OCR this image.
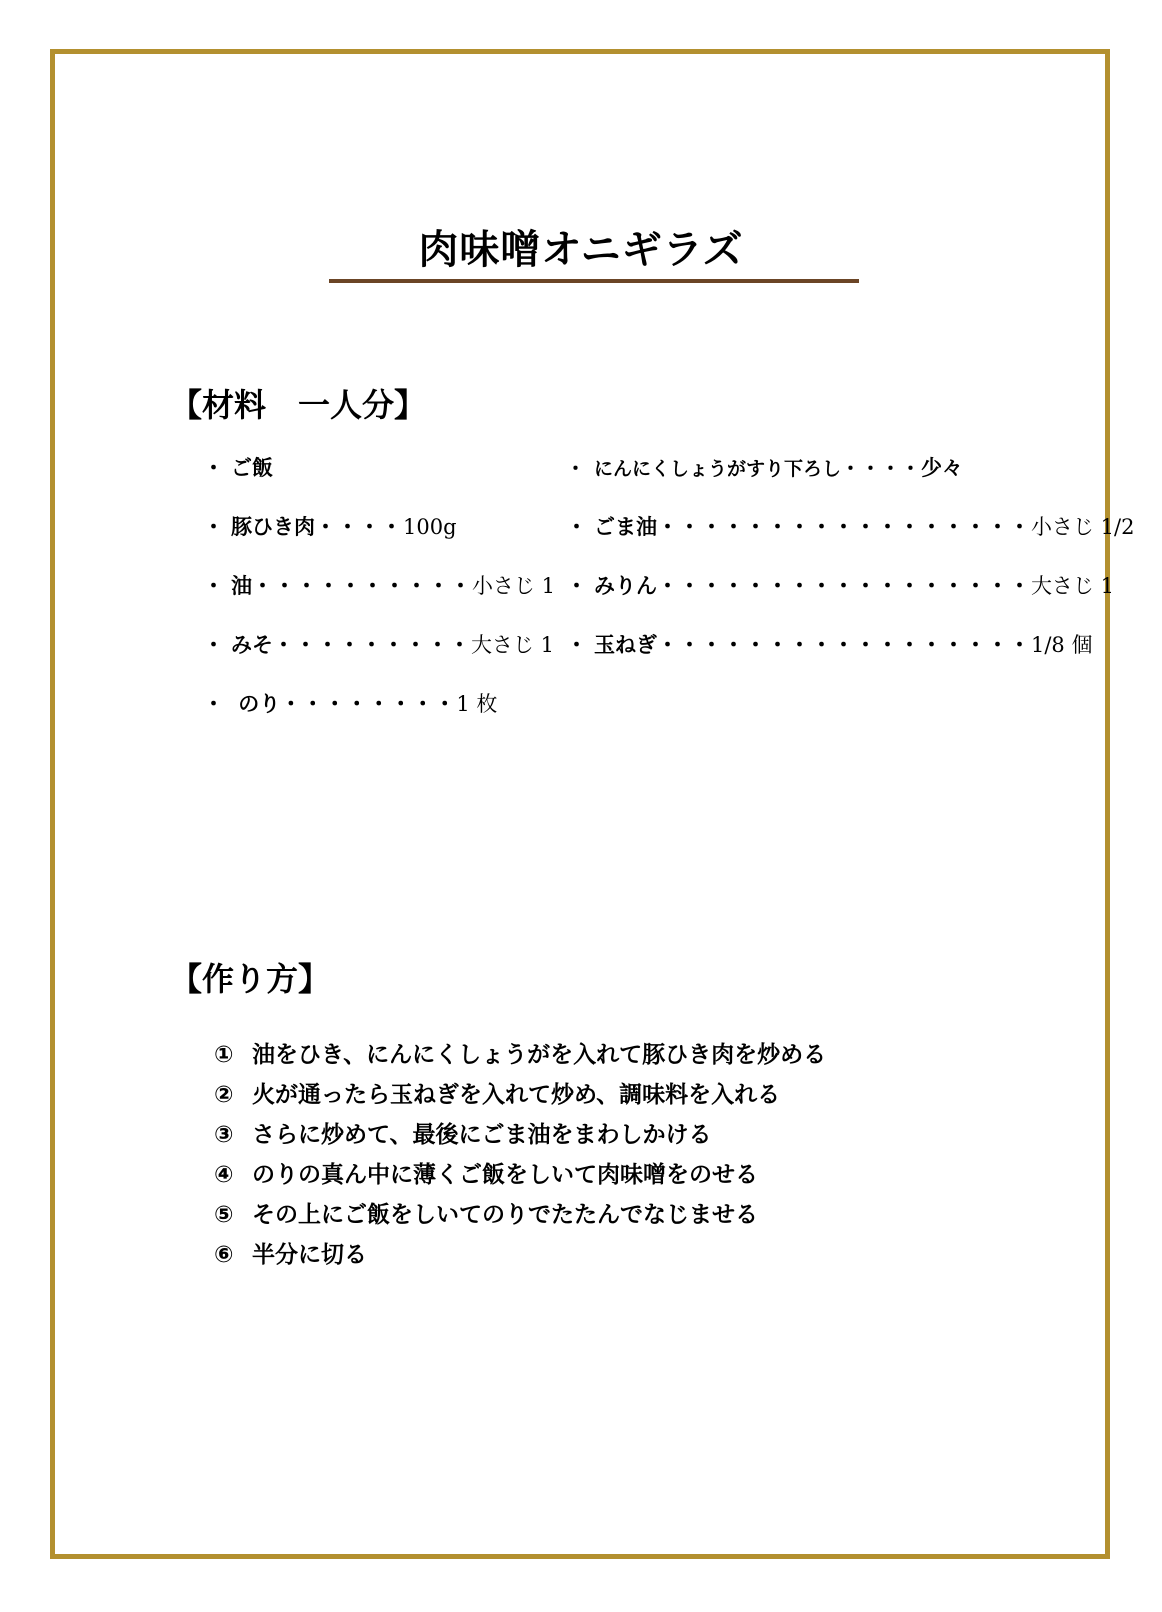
肉味噌オニギラズ
【材料　一人分】
・ ご飯
・ 豚ひき肉・・・・100g
・ 油・・・・・・・・・・小さじ 1
・ みそ・・・・・・・・・大さじ 1
・ のり・・・・・・・・1 枚
・ にんにくしょうがすり下ろし・・・・少々
・ ごま油・・・・・・・・・・・・・・・・・小さじ 1/2
・ みりん・・・・・・・・・・・・・・・・・大さじ 1
・ 玉ねぎ・・・・・・・・・・・・・・・・・1/8 個
【作り方】
① 油をひき、にんにくしょうがを入れて豚ひき肉を炒める
② 火が通ったら玉ねぎを入れて炒め、調味料を入れる
③ さらに炒めて、最後にごま油をまわしかける
④ のりの真ん中に薄くご飯をしいて肉味噌をのせる
⑤ その上にご飯をしいてのりでたたんでなじませる
⑥ 半分に切る
